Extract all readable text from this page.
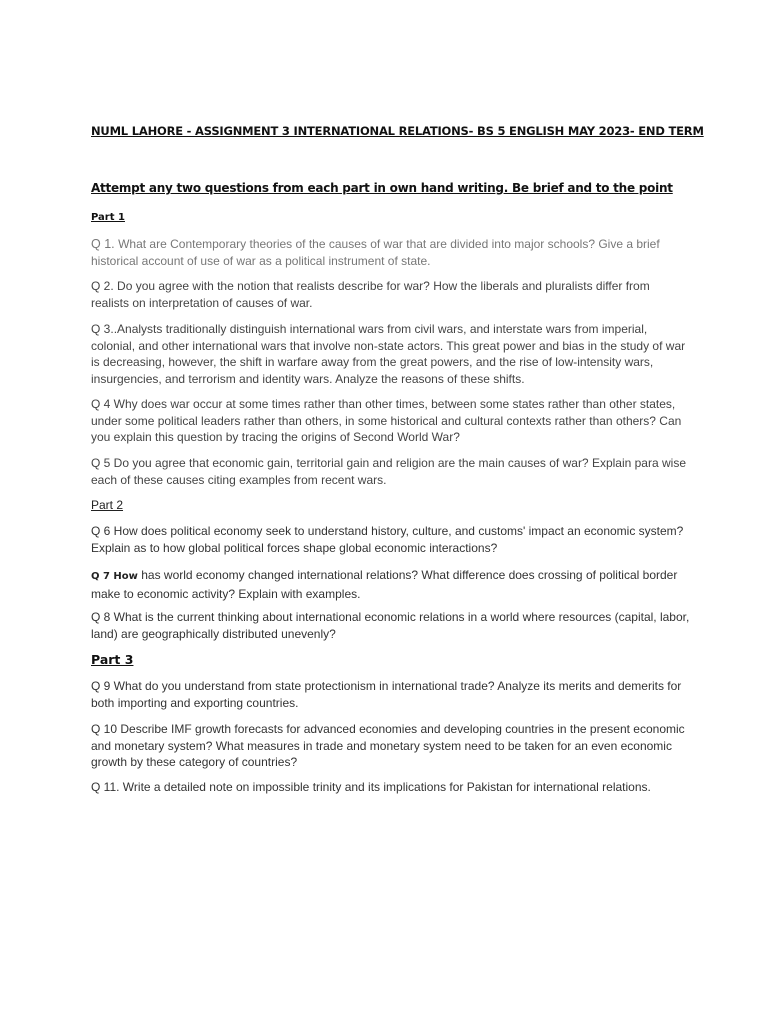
NUML LAHORE - ASSIGNMENT 3 INTERNATIONAL RELATIONS- BS 5 ENGLISH MAY 2023- END TERM
Attempt any two questions from each part in own hand writing. Be brief and to the point
Part 1

Q 1. What are Contemporary theories of the causes of war that are divided into major schools? Give a brief historical account of use of war as a political instrument of state.

Q 2. Do you agree with the notion that realists describe for war? How the liberals and pluralists differ from realists on interpretation of causes of war.

Q 3..Analysts traditionally distinguish international wars from civil wars, and interstate wars from imperial, colonial, and other international wars that involve non-state actors. This great power and bias in the study of war is decreasing, however, the shift in warfare away from the great powers, and the rise of low-intensity wars, insurgencies, and terrorism and identity wars. Analyze the reasons of these shifts.

Q 4 Why does war occur at some times rather than other times, between some states rather than other states, under some political leaders rather than others, in some historical and cultural contexts rather than others? Can you explain this question by tracing the origins of Second World War?

Q 5 Do you agree that economic gain, territorial gain and religion are the main causes of war? Explain para wise each of these causes citing examples from recent wars.

Part 2

Q 6 How does political economy seek to understand history, culture, and customs' impact an economic system? Explain as to how global political forces shape global economic interactions?

Q 7 How has world economy changed international relations? What difference does crossing of political border make to economic activity? Explain with examples.

Q 8 What is the current thinking about international economic relations in a world where resources (capital, labor, land) are geographically distributed unevenly?

Part 3

Q 9 What do you understand from state protectionism in international trade? Analyze its merits and demerits for both importing and exporting countries.

Q 10 Describe IMF growth forecasts for advanced economies and developing countries in the present economic and monetary system? What measures in trade and monetary system need to be taken for an even economic growth by these category of countries?

Q 11. Write a detailed note on impossible trinity and its implications for Pakistan for international relations.
